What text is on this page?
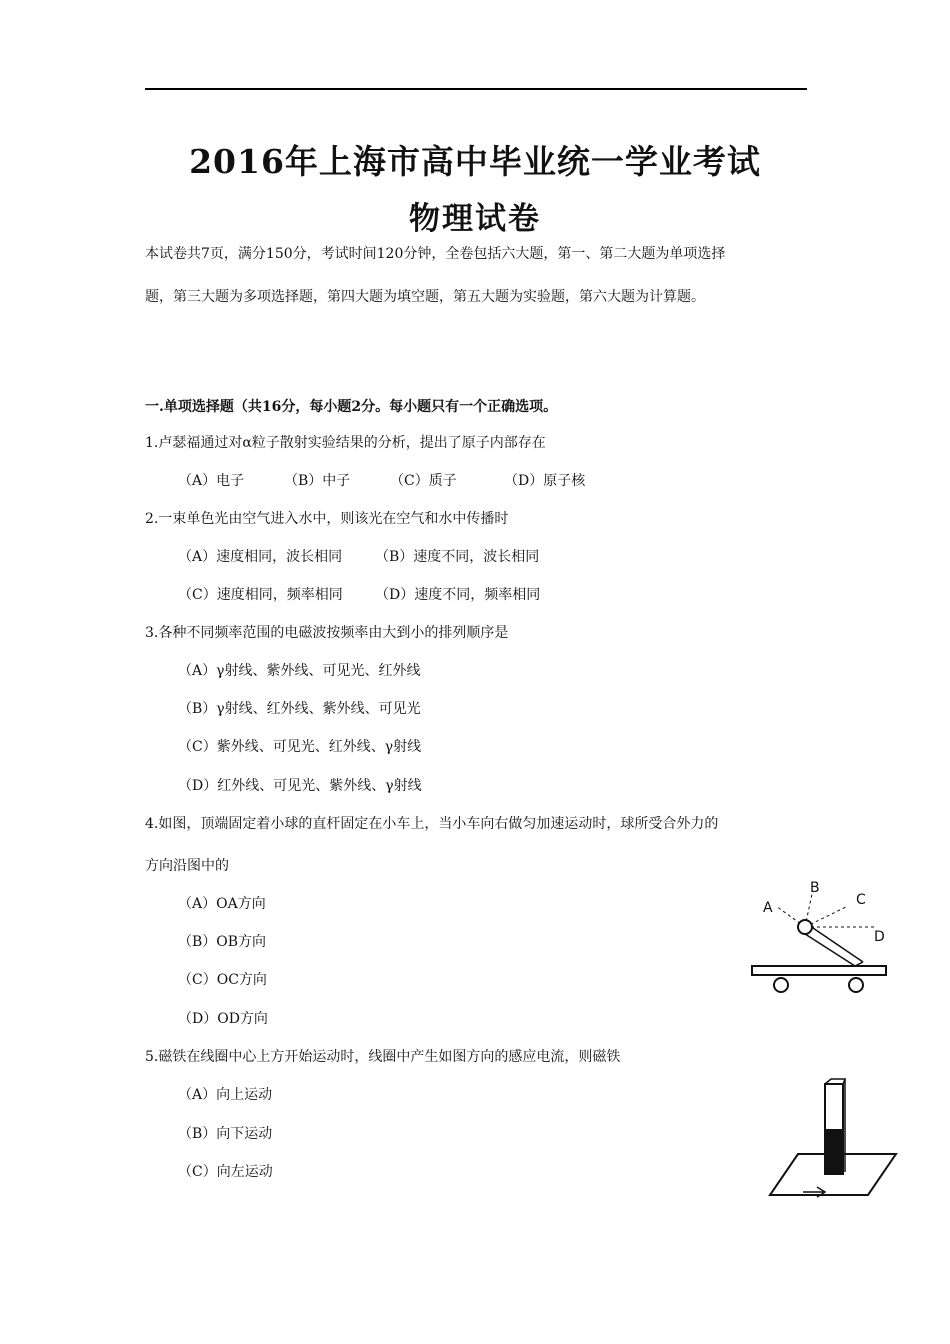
2016年上海市高中毕业统一学业考试
物理试卷
本试卷共7页，满分150分，考试时间120分钟，全卷包括六大题，第一、第二大题为单项选择
题，第三大题为多项选择题，第四大题为填空题，第五大题为实验题，第六大题为计算题。
一.单项选择题（共16分，每小题2分。每小题只有一个正确选项。
1.卢瑟福通过对α粒子散射实验结果的分析，提出了原子内部存在
（A）电子	（B）中子	（C）质子	（D）原子核
2.一束单色光由空气进入水中，则该光在空气和水中传播时
（A）速度相同，波长相同 （B）速度不同，波长相同
（C）速度相同，频率相同 （D）速度不同，频率相同
3.各种不同频率范围的电磁波按频率由大到小的排列顺序是
（A）γ射线、紫外线、可见光、红外线
（B）γ射线、红外线、紫外线、可见光
（C）紫外线、可见光、红外线、γ射线
（D）红外线、可见光、紫外线、γ射线
4.如图，顶端固定着小球的直杆固定在小车上，当小车向右做匀加速运动时，球所受合外力的
方向沿图中的
（A）OA方向
（B）OB方向
（C）OC方向
（D）OD方向
A
B
C
D
5.磁铁在线圈中心上方开始运动时，线圈中产生如图方向的感应电流，则磁铁
（A）向上运动
（B）向下运动
（C）向左运动
